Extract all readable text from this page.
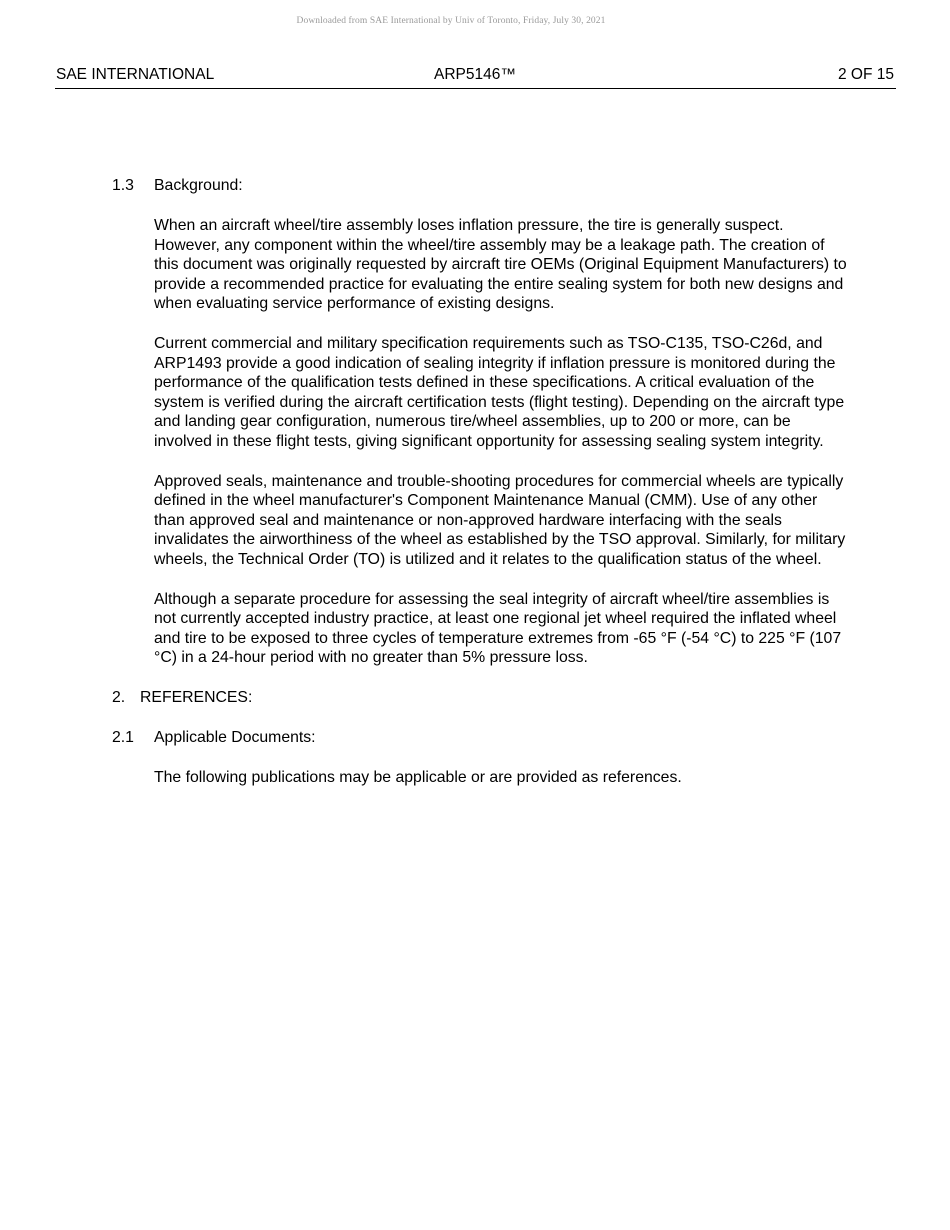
Downloaded from SAE International by Univ of Toronto, Friday, July 30, 2021
SAE INTERNATIONAL	ARP5146™	2 OF 15
1.3 Background:

When an aircraft wheel/tire assembly loses inflation pressure, the tire is generally suspect. However, any component within the wheel/tire assembly may be a leakage path. The creation of this document was originally requested by aircraft tire OEMs (Original Equipment Manufacturers) to provide a recommended practice for evaluating the entire sealing system for both new designs and when evaluating service performance of existing designs.

Current commercial and military specification requirements such as TSO-C135, TSO-C26d, and ARP1493 provide a good indication of sealing integrity if inflation pressure is monitored during the performance of the qualification tests defined in these specifications. A critical evaluation of the system is verified during the aircraft certification tests (flight testing). Depending on the aircraft type and landing gear configuration, numerous tire/wheel assemblies, up to 200 or more, can be involved in these flight tests, giving significant opportunity for assessing sealing system integrity.

Approved seals, maintenance and trouble-shooting procedures for commercial wheels are typically defined in the wheel manufacturer's Component Maintenance Manual (CMM). Use of any other than approved seal and maintenance or non-approved hardware interfacing with the seals invalidates the airworthiness of the wheel as established by the TSO approval. Similarly, for military wheels, the Technical Order (TO) is utilized and it relates to the qualification status of the wheel.

Although a separate procedure for assessing the seal integrity of aircraft wheel/tire assemblies is not currently accepted industry practice, at least one regional jet wheel required the inflated wheel and tire to be exposed to three cycles of temperature extremes from -65 °F (-54 °C) to 225 °F (107 °C) in a 24-hour period with no greater than 5% pressure loss.

2. REFERENCES:
2.1 Applicable Documents:

The following publications may be applicable or are provided as references.
